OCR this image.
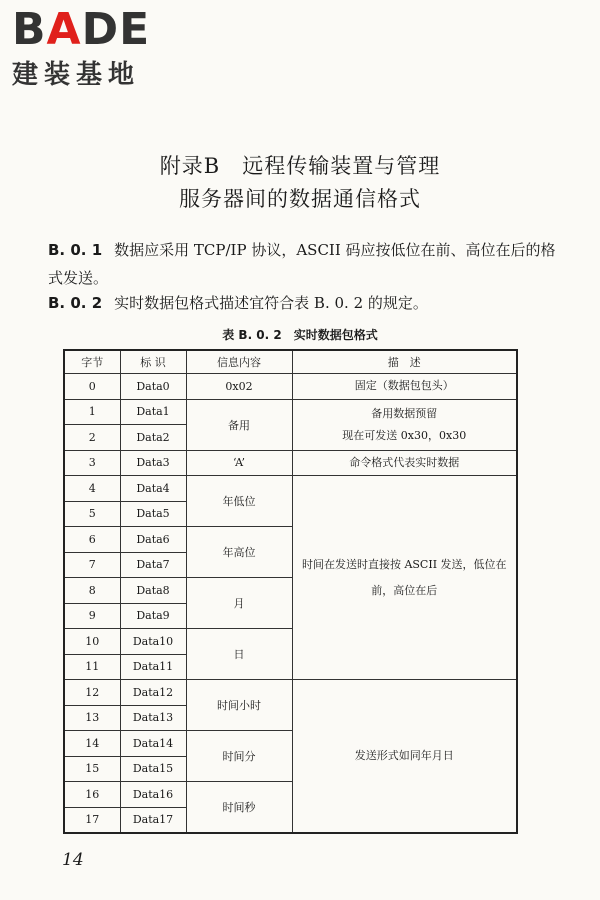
B A DE
建装基地
附录B　远程传输装置与管理
服务器间的数据通信格式
B. 0. 1 数据应采用 TCP/IP 协议，ASCII 码应按低位在前、高位在后的格式发送。
B. 0. 2 实时数据包格式描述宜符合表 B. 0. 2 的规定。
表 B. 0. 2　实时数据包格式
字节	标 识	信息内容	描　述
0	Data0	0x02	固定（数据包包头）
1	Data1	备用	备用数据预留
现在可发送 0x30，0x30

2	Data2		
3	Data3	‘A’	命令格式代表实时数据
4	Data4	年低位	时间在发送时直接按 ASCII 发送，低位在前，高位在后
5	Data5		
6	Data6	年高位	
7	Data7		
8	Data8	月	
9	Data9		
10	Data10	日	
11	Data11		
12	Data12	时间小时	发送形式如同年月日
13	Data13		
14	Data14	时间分	
15	Data15		
16	Data16	时间秒	
17	Data17		
14
